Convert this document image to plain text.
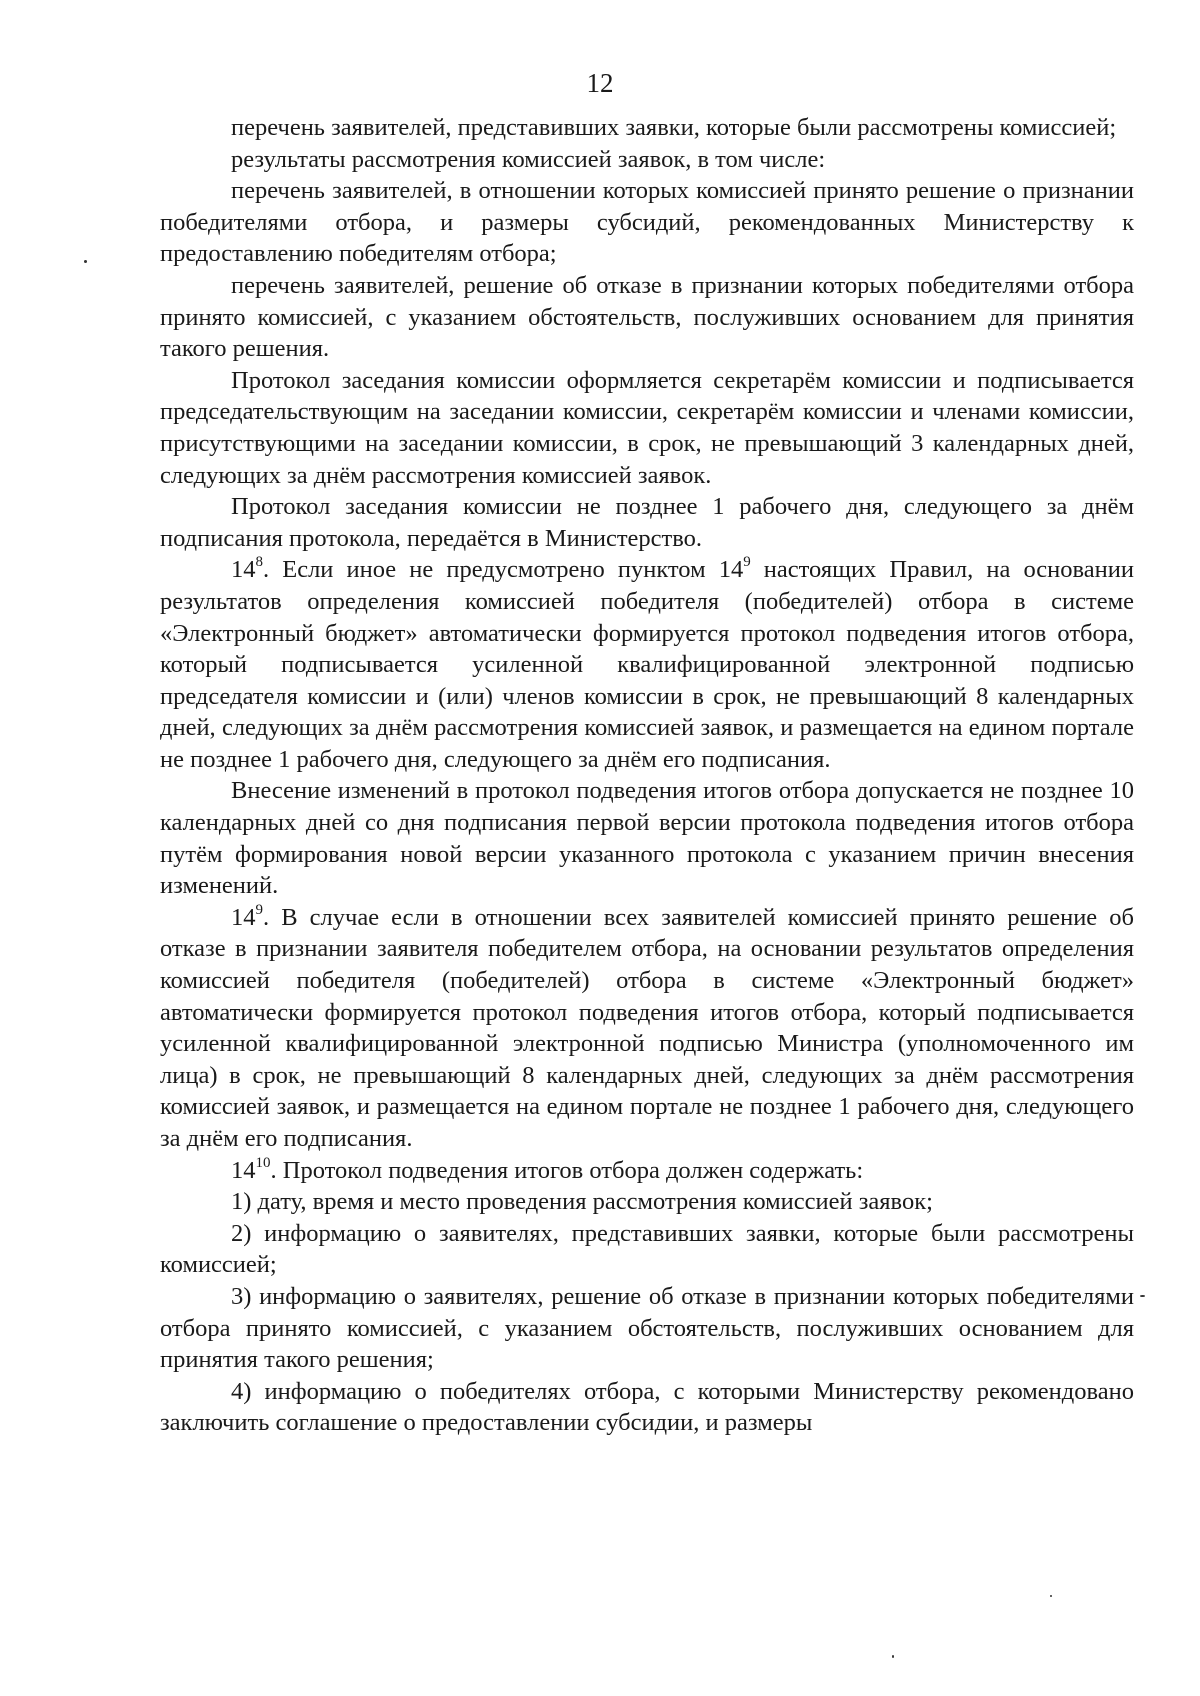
12

перечень заявителей, представивших заявки, которые были рассмотрены комиссией;

результаты рассмотрения комиссией заявок, в том числе:

перечень заявителей, в отношении которых комиссией принято решение о признании победителями отбора, и размеры субсидий, рекомендованных Министерству к предоставлению победителям отбора;

перечень заявителей, решение об отказе в признании которых победителями отбора принято комиссией, с указанием обстоятельств, послуживших основанием для принятия такого решения.

Протокол заседания комиссии оформляется секретарём комиссии и подписывается председательствующим на заседании комиссии, секретарём комиссии и членами комиссии, присутствующими на заседании комиссии, в срок, не превышающий 3 календарных дней, следующих за днём рассмотрения комиссией заявок.

Протокол заседания комиссии не позднее 1 рабочего дня, следующего за днём подписания протокола, передаётся в Министерство.

$14^8$. Если иное не предусмотрено пунктом $14^9$ настоящих Правил, на основании результатов определения комиссией победителя (победителей) отбора в системе «Электронный бюджет» автоматически формируется протокол подведения итогов отбора, который подписывается усиленной квалифицированной электронной подписью председателя комиссии и (или) членов комиссии в срок, не превышающий 8 календарных дней, следующих за днём рассмотрения комиссией заявок, и размещается на едином портале не позднее 1 рабочего дня, следующего за днём его подписания.

Внесение изменений в протокол подведения итогов отбора допускается не позднее 10 календарных дней со дня подписания первой версии протокола подведения итогов отбора путём формирования новой версии указанного протокола с указанием причин внесения изменений.

$14^9$. В случае если в отношении всех заявителей комиссией принято решение об отказе в признании заявителя победителем отбора, на основании результатов определения комиссией победителя (победителей) отбора в системе «Электронный бюджет» автоматически формируется протокол подведения итогов отбора, который подписывается усиленной квалифицированной электронной подписью Министра (уполномоченного им лица) в срок, не превышающий 8 календарных дней, следующих за днём рассмотрения комиссией заявок, и размещается на едином портале не позднее 1 рабочего дня, следующего за днём его подписания.

$14^{10}$. Протокол подведения итогов отбора должен содержать:

1) дату, время и место проведения рассмотрения комиссией заявок;

2) информацию о заявителях, представивших заявки, которые были рассмотрены комиссией;

3) информацию о заявителях, решение об отказе в признании которых победителями отбора принято комиссией, с указанием обстоятельств, послуживших основанием для принятия такого решения;

4) информацию о победителях отбора, с которыми Министерству рекомендовано заключить соглашение о предоставлении субсидии, и размеры
